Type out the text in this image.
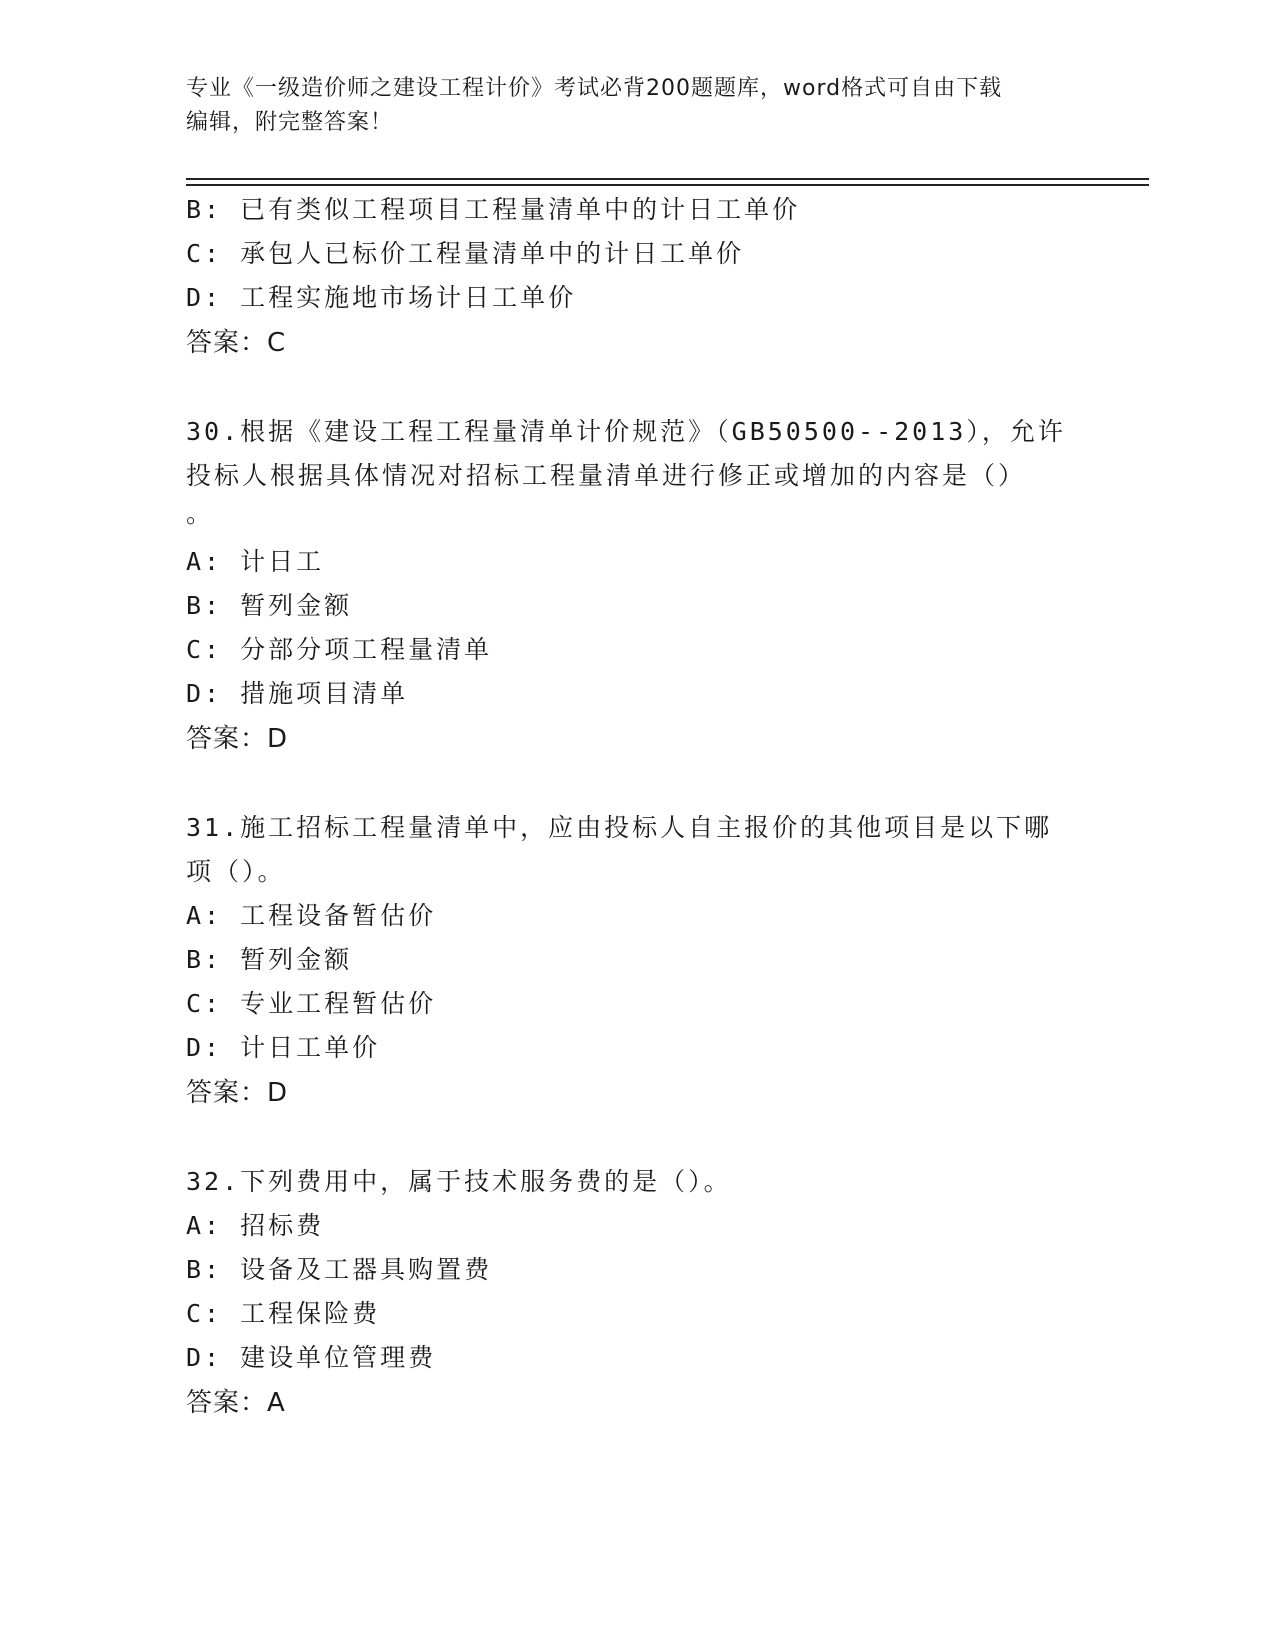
专业《一级造价师之建设工程计价》考试必背200题题库，word格式可自由下载
编辑，附完整答案！
B: 已有类似工程项目工程量清单中的计日工单价
C: 承包人已标价工程量清单中的计日工单价
D: 工程实施地市场计日工单价
答案：C
30.根据《建设工程工程量清单计价规范》（GB50500--2013），允许
投标人根据具体情况对招标工程量清单进行修正或增加的内容是（）
。
A: 计日工
B: 暂列金额
C: 分部分项工程量清单
D: 措施项目清单
答案：D
31.施工招标工程量清单中，应由投标人自主报价的其他项目是以下哪
项（）。
A: 工程设备暂估价
B: 暂列金额
C: 专业工程暂估价
D: 计日工单价
答案：D
32.下列费用中，属于技术服务费的是（）。
A: 招标费
B: 设备及工器具购置费
C: 工程保险费
D: 建设单位管理费
答案：A
